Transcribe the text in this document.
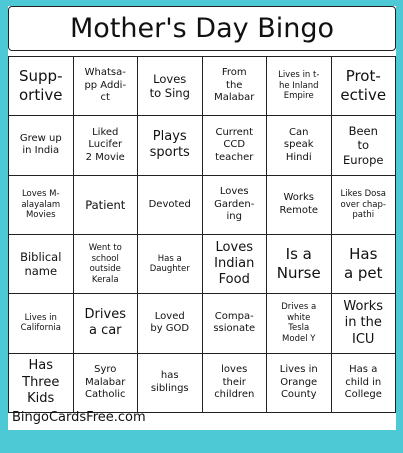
Mother's Day Bingo
Supp-
ortive
Whatsa-
pp Addi-
ct
Loves
to Sing
From
the
Malabar
Lives in t-
he Inland
Empire
Prot-
ective
Grew up
in India
Liked
Lucifer
2 Movie
Plays
sports
Current
CCD
teacher
Can
speak
Hindi
Been
to
Europe
Loves M-
alayalam
Movies
Patient	Devoted
Loves
Garden-
ing
Works
Remote
Likes Dosa
over chap-
pathi
Biblical
name
Went to
school
outside
Kerala
Has a
Daughter
Loves
Indian
Food
Is a
Nurse
Has
a pet
Lives in
California
Drives
a car
Loved
by GOD
Compa-
ssionate
Drives a
white
Tesla
Model Y
Works
in the
ICU
Has
Three
Kids
Syro
Malabar
Catholic
has
siblings
loves
their
children
Lives in
Orange
County
Has a
child in
College
BingoCardsFree.com
